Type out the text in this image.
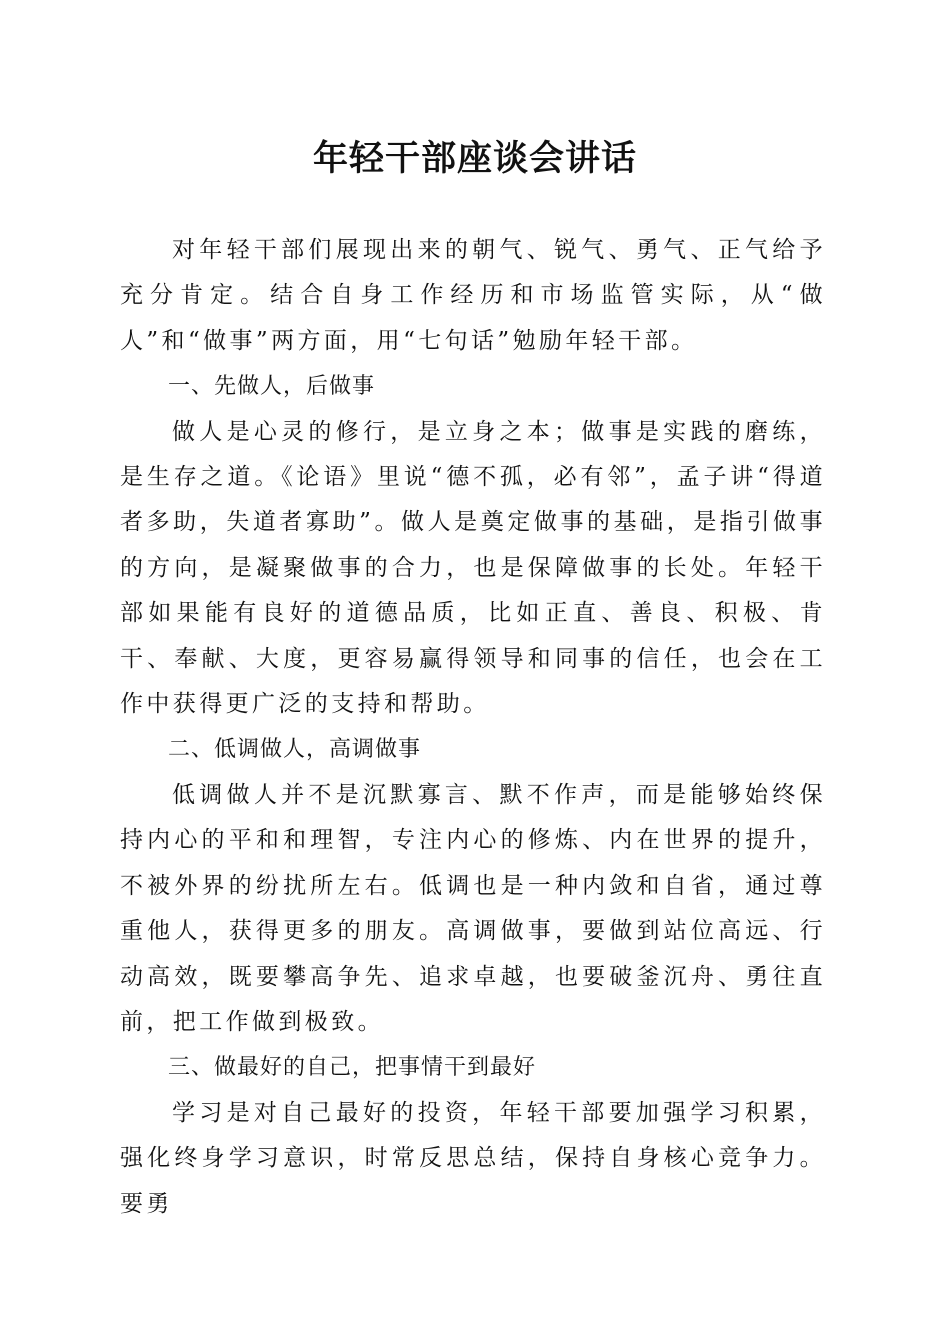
年轻干部座谈会讲话

对年轻干部们展现出来的朝气、锐气、勇气、正气给予充分肯定。结合自身工作经历和市场监管实际，从“做人”和“做事”两方面，用“七句话”勉励年轻干部。

一、先做人，后做事

做人是心灵的修行，是立身之本；做事是实践的磨练，是生存之道。《论语》里说“德不孤，必有邻”，孟子讲“得道者多助，失道者寡助”。做人是奠定做事的基础，是指引做事的方向，是凝聚做事的合力，也是保障做事的长处。年轻干部如果能有良好的道德品质，比如正直、善良、积极、肯干、奉献、大度，更容易赢得领导和同事的信任，也会在工作中获得更广泛的支持和帮助。

二、低调做人，高调做事

低调做人并不是沉默寡言、默不作声，而是能够始终保持内心的平和和理智，专注内心的修炼、内在世界的提升，不被外界的纷扰所左右。低调也是一种内敛和自省，通过尊重他人，获得更多的朋友。高调做事，要做到站位高远、行动高效，既要攀高争先、追求卓越，也要破釜沉舟、勇往直前，把工作做到极致。

三、做最好的自己，把事情干到最好

学习是对自己最好的投资，年轻干部要加强学习积累，强化终身学习意识，时常反思总结，保持自身核心竞争力。要勇
